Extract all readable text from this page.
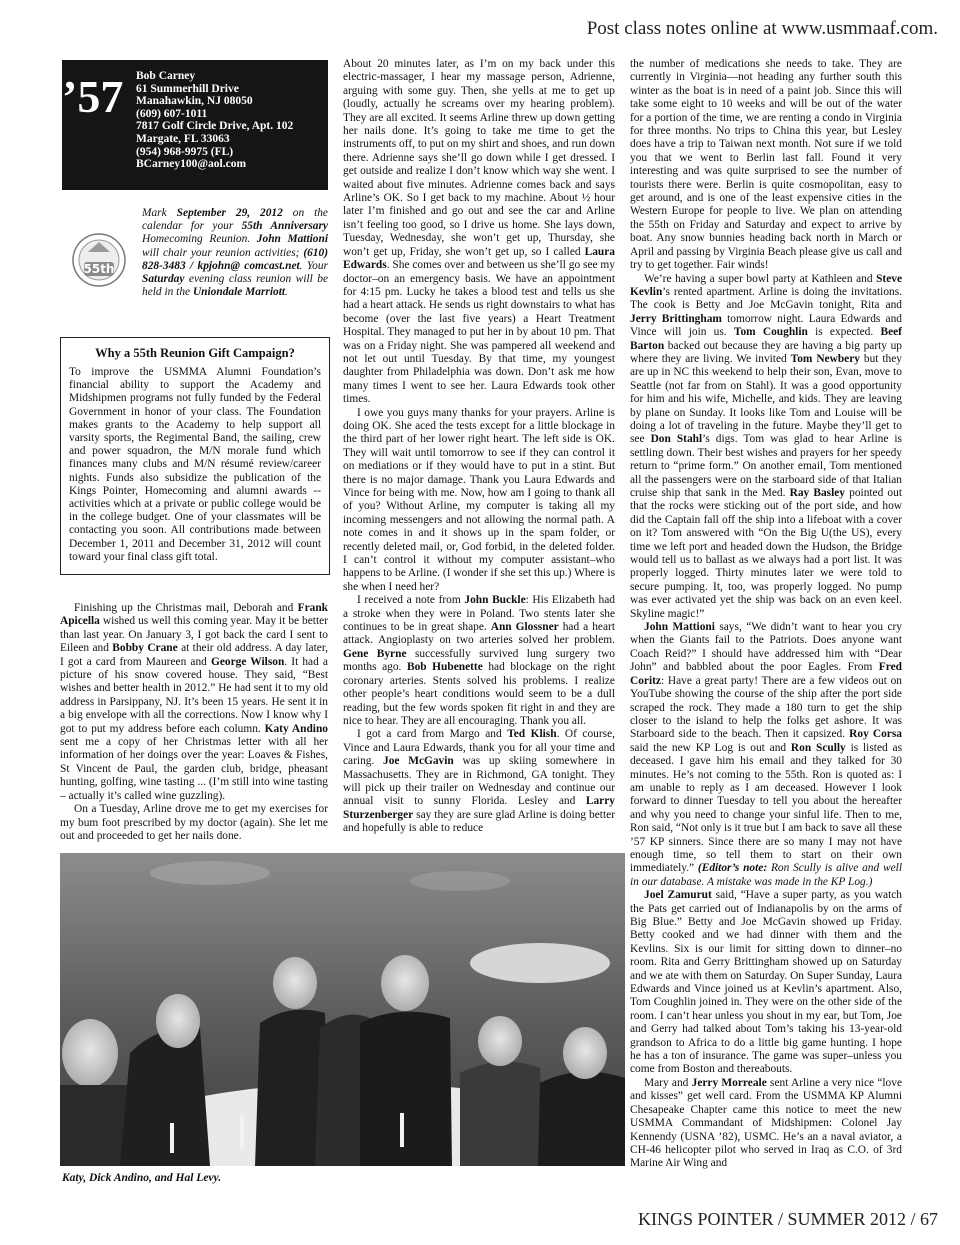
Post class notes online at www.usmmaaf.com.
’57 Bob Carney
61 Summerhill Drive
Manahawkin, NJ 08050
(609) 607-1011
7817 Golf Circle Drive, Apt. 102
Margate, FL 33063
(954) 968-9975 (FL)
BCarney100@aol.com
55th
Mark September 29, 2012 on the calendar for your 55th Anniversary Homecoming Reunion. John Mattioni will chair your reunion activities; (610) 828-3483 / kpjohn@ comcast.net. Your Saturday evening class reunion will be held in the Uniondale Marriott.
Why a 55th Reunion Gift Campaign?
To improve the USMMA Alumni Foundation’s financial ability to support the Academy and Midshipmen programs not fully funded by the Federal Government in honor of your class. The Foundation makes grants to the Academy to help support all varsity sports, the Regimental Band, the sailing, crew and power squadron, the M/N morale fund which finances many clubs and M/N résumé review/career nights. Funds also subsidize the publication of the Kings Pointer, Homecoming and alumni awards -- activities which at a private or public college would be in the college budget. One of your classmates will be contacting you soon. All contributions made between December 1, 2011 and December 31, 2012 will count toward your final class gift total.

Finishing up the Christmas mail, Deborah and Frank Apicella wished us well this coming year. May it be better than last year. On January 3, I got back the card I sent to Eileen and Bobby Crane at their old address. A day later, I got a card from Maureen and George Wilson. It had a picture of his snow covered house. They said, “Best wishes and better health in 2012.” He had sent it to my old address in Parsippany, NJ. It’s been 15 years. He sent it in a big envelope with all the corrections. Now I know why I got to put my address before each column. Katy Andino sent me a copy of her Christmas letter with all her information of her doings over the year: Loaves & Fishes, St Vincent de Paul, the garden club, bridge, pheasant hunting, golfing, wine tasting ... (I’m still into wine tasting – actually it’s called wine guzzling).

On a Tuesday, Arline drove me to get my exercises for my bum foot prescribed by my doctor (again). She let me out and proceeded to get her nails done.

About 20 minutes later, as I’m on my back under this electric-massager, I hear my massage person, Adrienne, arguing with some guy. Then, she yells at me to get up (loudly, actually he screams over my hearing problem). They are all excited. It seems Arline threw up down getting her nails done. It’s going to take me time to get the instruments off, to put on my shirt and shoes, and run down there. Adrienne says she’ll go down while I get dressed. I get outside and realize I don’t know which way she went. I waited about five minutes. Adrienne comes back and says Arline’s OK. So I get back to my machine. About ½ hour later I’m finished and go out and see the car and Arline isn’t feeling too good, so I drive us home. She lays down, Tuesday, Wednesday, she won’t get up, Thursday, she won’t get up, Friday, she won’t get up, so I called Laura Edwards. She comes over and between us she’ll go see my doctor–on an emergency basis. We have an appointment for 4:15 pm. Lucky he takes a blood test and tells us she had a heart attack. He sends us right downstairs to what has become (over the last five years) a Heart Treatment Hospital. They managed to put her in by about 10 pm. That was on a Friday night. She was pampered all weekend and not let out until Tuesday. By that time, my youngest daughter from Philadelphia was down. Don’t ask me how many times I went to see her. Laura Edwards took other times.

I owe you guys many thanks for your prayers. Arline is doing OK. She aced the tests except for a little blockage in the third part of her lower right heart. The left side is OK. They will wait until tomorrow to see if they can control it on mediations or if they would have to put in a stint. But there is no major damage. Thank you Laura Edwards and Vince for being with me. Now, how am I going to thank all of you? Without Arline, my computer is taking all my incoming messengers and not allowing the normal path. A note comes in and it shows up in the spam folder, or recently deleted mail, or, God forbid, in the deleted folder. I can’t control it without my computer assistant–who happens to be Arline. (I wonder if she set this up.) Where is she when I need her?

I received a note from John Buckle: His Elizabeth had a stroke when they were in Poland. Two stents later she continues to be in great shape. Ann Glossner had a heart attack. Angioplasty on two arteries solved her problem. Gene Byrne successfully survived lung surgery two months ago. Bob Hubenette had blockage on the right coronary arteries. Stents solved his problems. I realize other people’s heart conditions would seem to be a dull reading, but the few words spoken fit right in and they are nice to hear. They are all encouraging. Thank you all.

I got a card from Margo and Ted Klish. Of course, Vince and Laura Edwards, thank you for all your time and caring. Joe McGavin was up skiing somewhere in Massachusetts. They are in Richmond, GA tonight. They will pick up their trailer on Wednesday and continue our annual visit to sunny Florida. Lesley and Larry Sturzenberger say they are sure glad Arline is doing better and hopefully is able to reduce

the number of medications she needs to take. They are currently in Virginia—not heading any further south this winter as the boat is in need of a paint job. Since this will take some eight to 10 weeks and will be out of the water for a portion of the time, we are renting a condo in Virginia for three months. No trips to China this year, but Lesley does have a trip to Taiwan next month. Not sure if we told you that we went to Berlin last fall. Found it very interesting and was quite surprised to see the number of tourists there were. Berlin is quite cosmopolitan, easy to get around, and is one of the least expensive cities in the Western Europe for people to live. We plan on attending the 55th on Friday and Saturday and expect to arrive by boat. Any snow bunnies heading back north in March or April and passing by Virginia Beach please give us call and try to get together. Fair winds!

We’re having a super bowl party at Kathleen and Steve Kevlin’s rented apartment. Arline is doing the invitations. The cook is Betty and Joe McGavin tonight, Rita and Jerry Brittingham tomorrow night. Laura Edwards and Vince will join us. Tom Coughlin is expected. Beef Barton backed out because they are having a big party up where they are living. We invited Tom Newbery but they are up in NC this weekend to help their son, Evan, move to Seattle (not far from on Stahl). It was a good opportunity for him and his wife, Michelle, and kids. They are leaving by plane on Sunday. It looks like Tom and Louise will be doing a lot of traveling in the future. Maybe they’ll get to see Don Stahl’s digs. Tom was glad to hear Arline is settling down. Their best wishes and prayers for her speedy return to “prime form.” On another email, Tom mentioned all the passengers were on the starboard side of that Italian cruise ship that sank in the Med. Ray Basley pointed out that the rocks were sticking out of the port side, and how did the Captain fall off the ship into a lifeboat with a cover on it? Tom answered with “On the Big U(the US), every time we left port and headed down the Hudson, the Bridge would tell us to ballast as we always had a port list. It was properly logged. Thirty minutes later we were told to secure pumping. It, too, was properly logged. No pump was ever activated yet the ship was back on an even keel. Skyline magic!”

John Mattioni says, “We didn’t want to hear you cry when the Giants fail to the Patriots. Does anyone want Coach Reid?” I should have addressed him with “Dear John” and babbled about the poor Eagles. From Fred Coritz: Have a great party! There are a few videos out on YouTube showing the course of the ship after the port side scraped the rock. They made a 180 turn to get the ship closer to the island to help the folks get ashore. It was Starboard side to the beach. Then it capsized. Roy Corsa said the new KP Log is out and Ron Scully is listed as deceased. I gave him his email and they talked for 30 minutes. He’s not coming to the 55th. Ron is quoted as: I am unable to reply as I am deceased. However I look forward to dinner Tuesday to tell you about the hereafter and why you need to change your sinful life. Then to me, Ron said, “Not only is it true but I am back to save all these ’57 KP sinners. Since there are so many I may not have enough time, so tell them to start on their own immediately.” (Editor’s note: Ron Scully is alive and well in our database. A mistake was made in the KP Log.)

Joel Zamurut said, “Have a super party, as you watch the Pats get carried out of Indianapolis by on the arms of Big Blue.” Betty and Joe McGavin showed up Friday. Betty cooked and we had dinner with them and the Kevlins. Six is our limit for sitting down to dinner–no room. Rita and Gerry Brittingham showed up on Saturday and we ate with them on Saturday. On Super Sunday, Laura Edwards and Vince joined us at Kevlin’s apartment. Also, Tom Coughlin joined in. They were on the other side of the room. I can’t hear unless you shout in my ear, but Tom, Joe and Gerry had talked about Tom’s taking his 13-year-old grandson to Africa to do a little big game hunting. I hope he has a ton of insurance. The game was super–unless you come from Boston and thereabouts.

Mary and Jerry Morreale sent Arline a very nice “love and kisses” get well card. From the USMMA KP Alumni Chesapeake Chapter came this notice to meet the new USMMA Commandant of Midshipmen: Colonel Jay Kennendy (USNA ’82), USMC. He’s an a naval aviator, a CH-46 helicopter pilot who served in Iraq as C.O. of 3rd Marine Air Wing and

Katy, Dick Andino, and Hal Levy.
KINGS POINTER / SUMMER 2012 / 67
